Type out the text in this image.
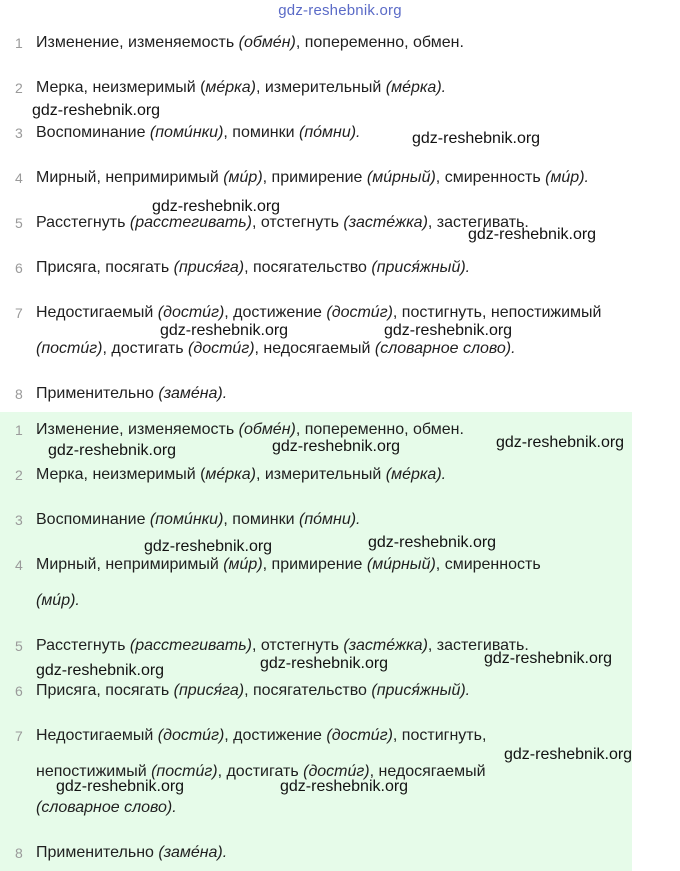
gdz-reshebnik.org
1 Изменение, изменяемость (обме́н), попеременно, обмен.
2 Мерка, неизмеримый (ме́рка), измерительный (ме́рка).
3 Воспоминание (поми́нки), поминки (по́мни).
4 Мирный, непримиримый (ми́р), примирение (ми́рный), смиренность (ми́р).
5 Расстегнуть (расстегивать), отстегнуть (засте́жка), застегивать.
6 Присяга, посягать (прися́га), посягательство (прися́жный).
7 Недостигаемый (дости́г), достижение (дости́г), постигнуть, непостижимый
(пости́г), достигать (дости́г), недосягаемый (словарное слово).
8 Применительно (заме́на).
1 Изменение, изменяемость (обме́н), попеременно, обмен.
2 Мерка, неизмеримый (ме́рка), измерительный (ме́рка).
3 Воспоминание (поми́нки), поминки (по́мни).
4 Мирный, непримиримый (ми́р), примирение (ми́рный), смиренность
(ми́р).
5 Расстегнуть (расстегивать), отстегнуть (засте́жка), застегивать.
6 Присяга, посягать (прися́га), посягательство (прися́жный).
7 Недостигаемый (дости́г), достижение (дости́г), постигнуть,
непостижимый (пости́г), достигать (дости́г), недосягаемый
(словарное слово).
8 Применительно (заме́на).
gdz-reshebnik.org
gdz-reshebnik.org
gdz-reshebnik.org
gdz-reshebnik.org
gdz-reshebnik.org	gdz-reshebnik.org
gdz-reshebnik.org	gdz-reshebnik.org	gdz-reshebnik.org
gdz-reshebnik.org	gdz-reshebnik.org
gdz-reshebnik.org	gdz-reshebnik.org	gdz-reshebnik.org
gdz-reshebnik.org
gdz-reshebnik.org	gdz-reshebnik.org
